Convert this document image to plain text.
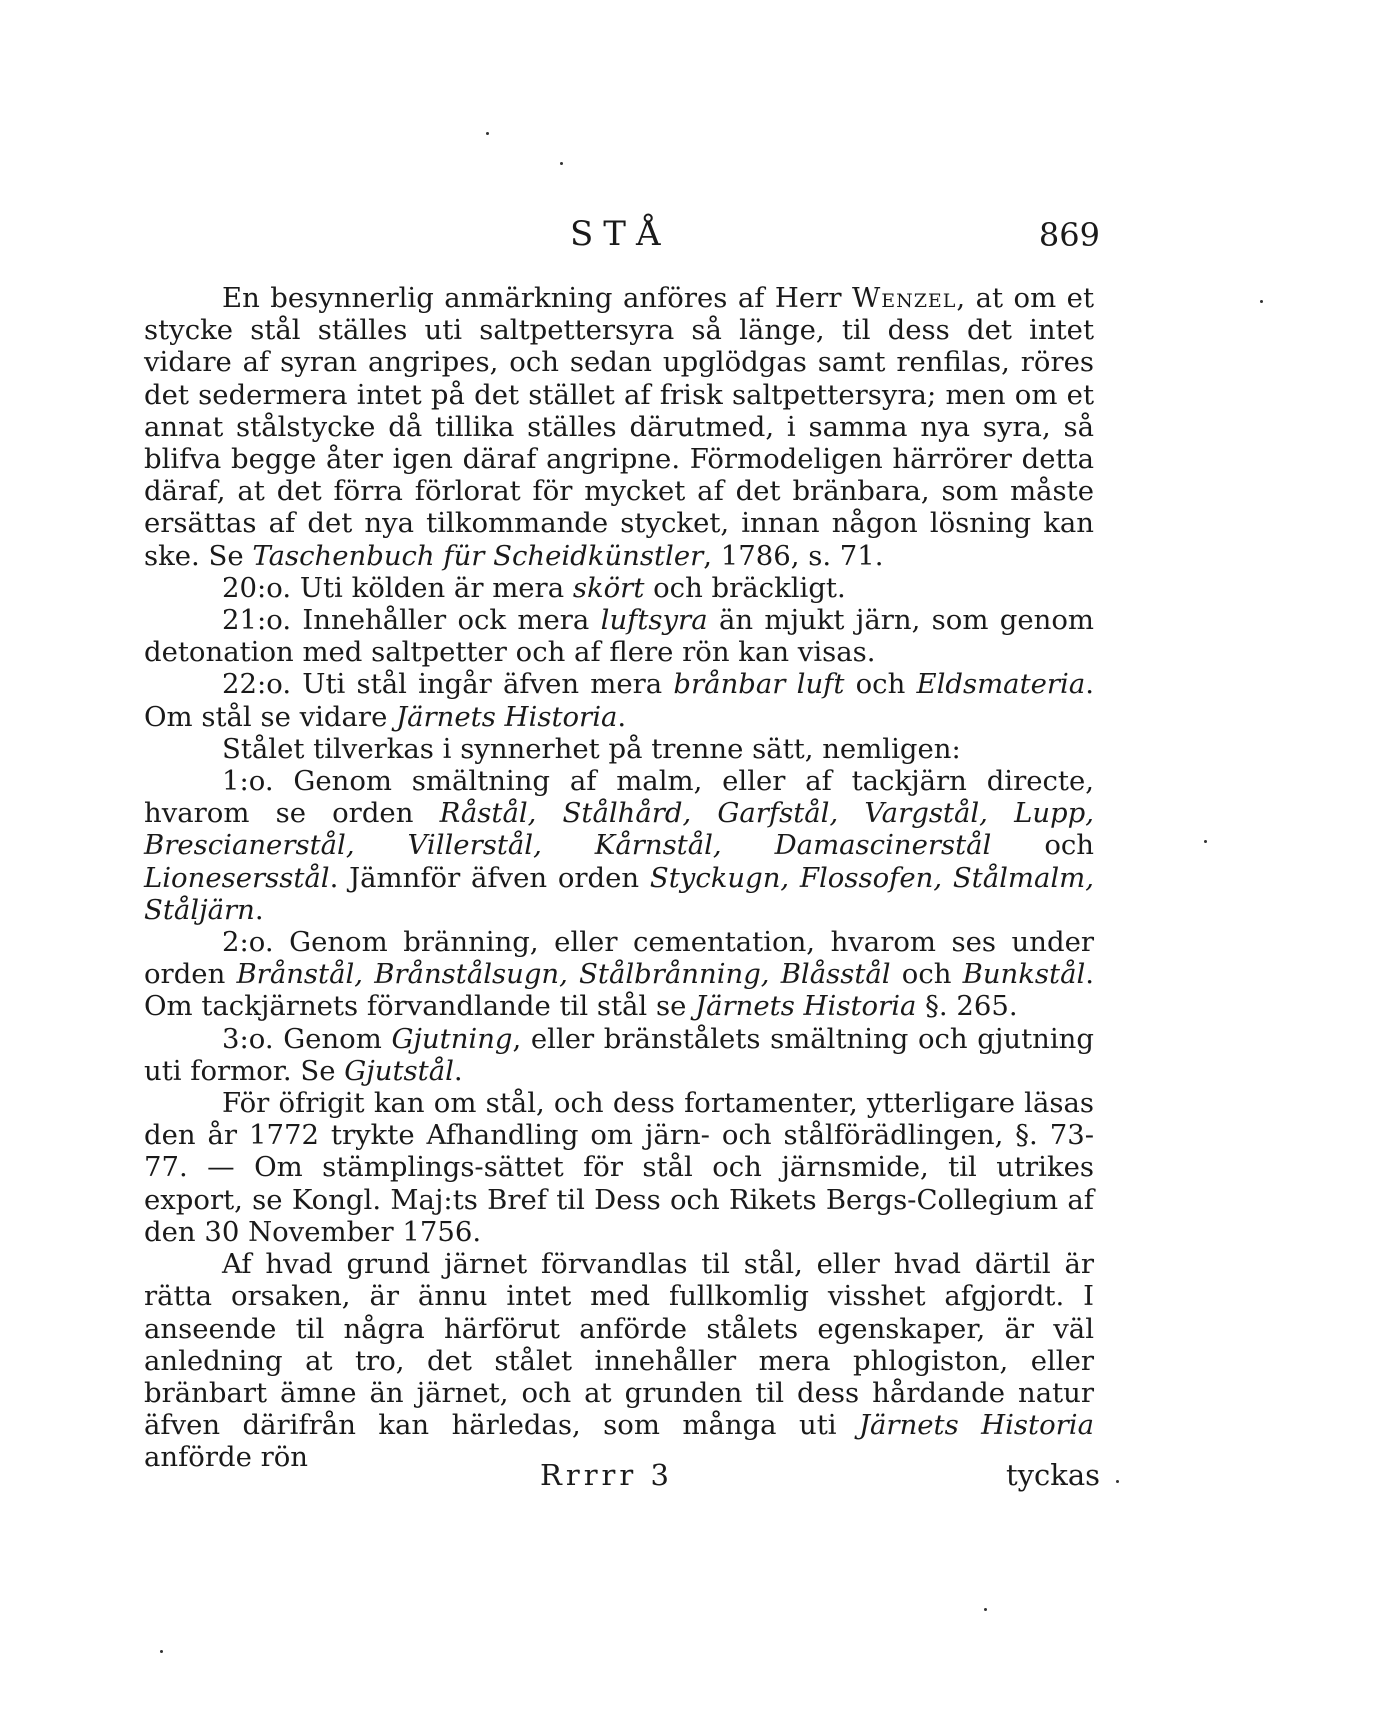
STÅ	869

En besynnerlig anmärkning anföres af Herr Wenzel, at om et stycke stål ställes uti saltpettersyra så länge, til dess det intet vidare af syran angripes, och sedan upglödgas samt renfilas, röres det sedermera intet på det stället af frisk saltpettersyra; men om et annat stålstycke då tillika ställes därutmed, i samma nya syra, så blifva begge åter igen däraf angripne. Förmodeligen härrörer detta däraf, at det förra förlorat för mycket af det bränbara, som måste ersättas af det nya tilkommande stycket, innan någon lösning kan ske. Se Taschenbuch für Scheidkünstler, 1786, s. 71.

20:o. Uti kölden är mera skört och bräckligt.

21:o. Innehåller ock mera luftsyra än mjukt järn, som genom detonation med saltpetter och af flere rön kan visas.

22:o. Uti stål ingår äfven mera brånbar luft och Eldsmateria. Om stål se vidare Järnets Historia.

Stålet tilverkas i synnerhet på trenne sätt, nemligen:

1:o. Genom smältning af malm, eller af tackjärn directe, hvarom se orden Råstål, Stålhård, Garfstål, Vargstål, Lupp, Brescianerstål, Villerstål, Kårnstål, Damascinerstål och Lionesersstål. Jämnför äfven orden Styckugn, Flossofen, Stålmalm, Ståljärn.

2:o. Genom bränning, eller cementation, hvarom ses under orden Brånstål, Brånstålsugn, Stålbrånning, Blåsstål och Bunkstål. Om tackjärnets förvandlande til stål se Järnets Historia §. 265.

3:o. Genom Gjutning, eller bränstålets smältning och gjutning uti formor. Se Gjutstål.

För öfrigit kan om stål, och dess fortamenter, ytterligare läsas den år 1772 trykte Afhandling om järn- och stålförädlingen, §. 73-77. — Om stämplings-sättet för stål och järnsmide, til utrikes export, se Kongl. Maj:ts Bref til Dess och Rikets Bergs-Collegium af den 30 November 1756.

Af hvad grund järnet förvandlas til stål, eller hvad därtil är rätta orsaken, är ännu intet med fullkomlig visshet afgjordt. I anseende til några härförut anförde stålets egenskaper, är väl anledning at tro, det stålet innehåller mera phlogiston, eller bränbart ämne än järnet, och at grunden til dess hårdande natur äfven därifrån kan härledas, som många uti Järnets Historia anförde rön

Rrrrr 3	tyckas
